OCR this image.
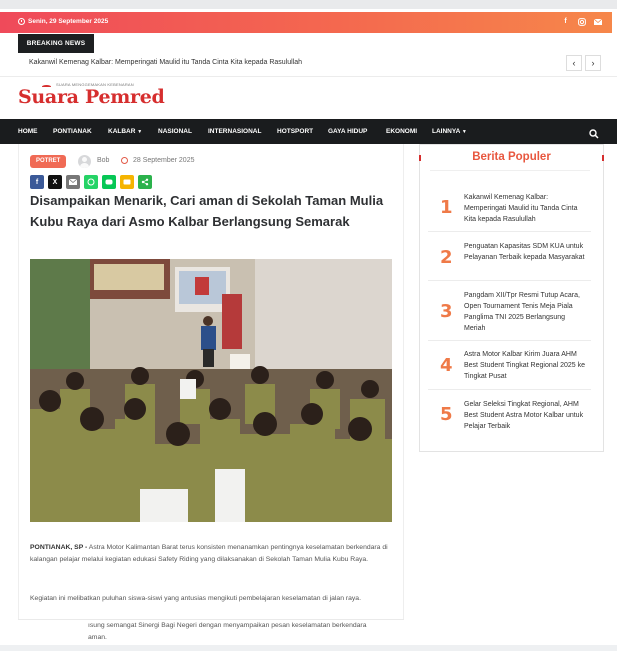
Senin, 29 September 2025	f
BREAKING NEWS
Kakanwil Kemenag Kalbar: Memperingati Maulid itu Tanda Cinta Kita kepada Rasulullah	‹ ›
SUARA MENGGEMAKAN KEBENARAN
Suara Pemred
HOME PONTIANAK	KALBAR ▼ NASIONAL INTERNASIONAL HOTSPORT GAYA HIDUP	EKONOMI LAINNYA ▼
POTRET	Bob	28 September 2025
f X
Disampaikan Menarik, Cari aman di Sekolah Taman Mulia Kubu Raya dari Asmo Kalbar Berlangsung Semarak

PONTIANAK, SP - Astra Motor Kalimantan Barat terus konsisten menanamkan pentingnya keselamatan berkendara di kalangan pelajar melalui kegiatan edukasi Safety Riding yang dilaksanakan di Sekolah Taman Mulia Kubu Raya.

Kegiatan ini melibatkan puluhan siswa-siswi yang antusias mengikuti pembelajaran keselamatan di jalan raya.

ısung semangat Sinergi Bagi Negeri dengan menyampaikan pesan keselamatan berkendara

aman.

Berita Populer
1 Kakanwil Kemenag Kalbar: Memperingati Maulid itu Tanda Cinta Kita kepada Rasulullah
2
Penguatan Kapasitas SDM KUA untuk Pelayanan Terbaik kepada Masyarakat
3
Pangdam XII/Tpr Resmi Tutup Acara, Open Tournament Tenis Meja Piala Panglima TNI 2025 Berlangsung Meriah
4
Astra Motor Kalbar Kirim Juara AHM Best Student Tingkat Regional 2025 ke Tingkat Pusat
5 Gelar Seleksi Tingkat Regional, AHM Best Student Astra Motor Kalbar untuk Pelajar Terbaik
